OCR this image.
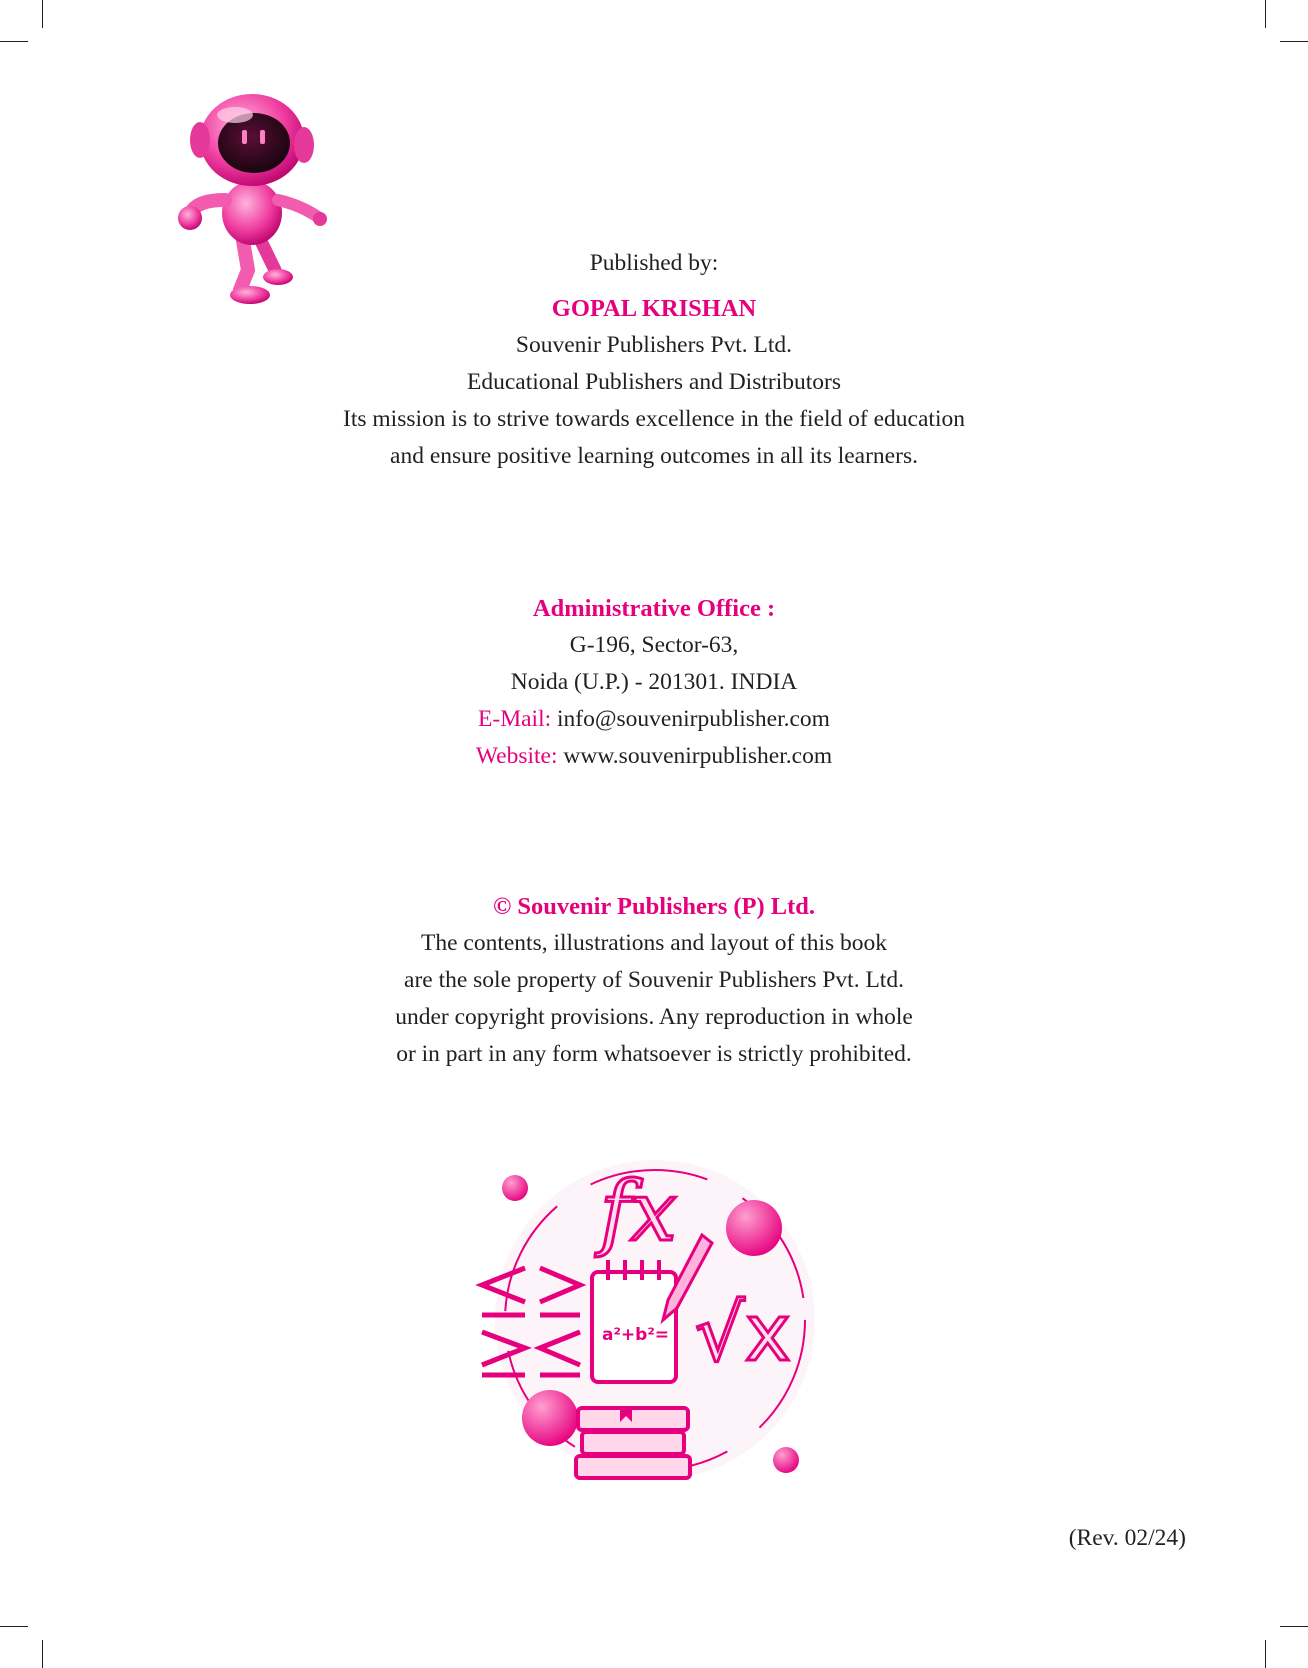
Published by:
GOPAL KRISHAN
Souvenir Publishers Pvt. Ltd.
Educational Publishers and Distributors
Its mission is to strive towards excellence in the field of education
and ensure positive learning outcomes in all its learners.
Administrative Office :
G-196, Sector-63,
Noida (U.P.) - 201301. INDIA
E-Mail: info@souvenirpublisher.com
Website: www.souvenirpublisher.com
© Souvenir Publishers (P) Ltd.
The contents, illustrations and layout of this book
are the sole property of Souvenir Publishers Pvt. Ltd.
under copyright provisions. Any reproduction in whole
or in part in any form whatsoever is strictly prohibited.
fx
a²+b²= √x
(Rev. 02/24)
